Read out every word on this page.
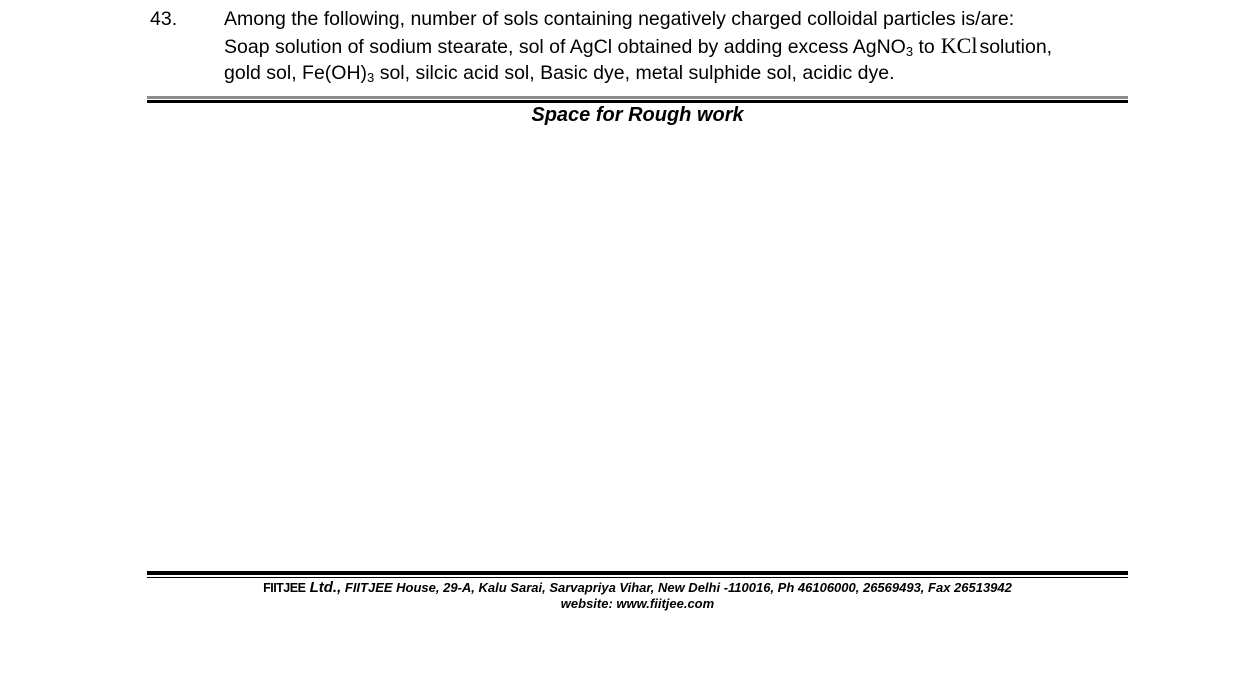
43. Among the following, number of sols containing negatively charged colloidal particles is/are:
Soap solution of sodium stearate, sol of AgCl obtained by adding excess AgNO$_3$ to KCl solution,
gold sol, $Fe(OH)_3$ sol, silcic acid sol, Basic dye, metal sulphide sol, acidic dye.
Space for Rough work
FIITJEE Ltd., FIITJEE House, 29-A, Kalu Sarai, Sarvapriya Vihar, New Delhi -110016, Ph 46106000, 26569493, Fax 26513942
website: www.fiitjee.com
